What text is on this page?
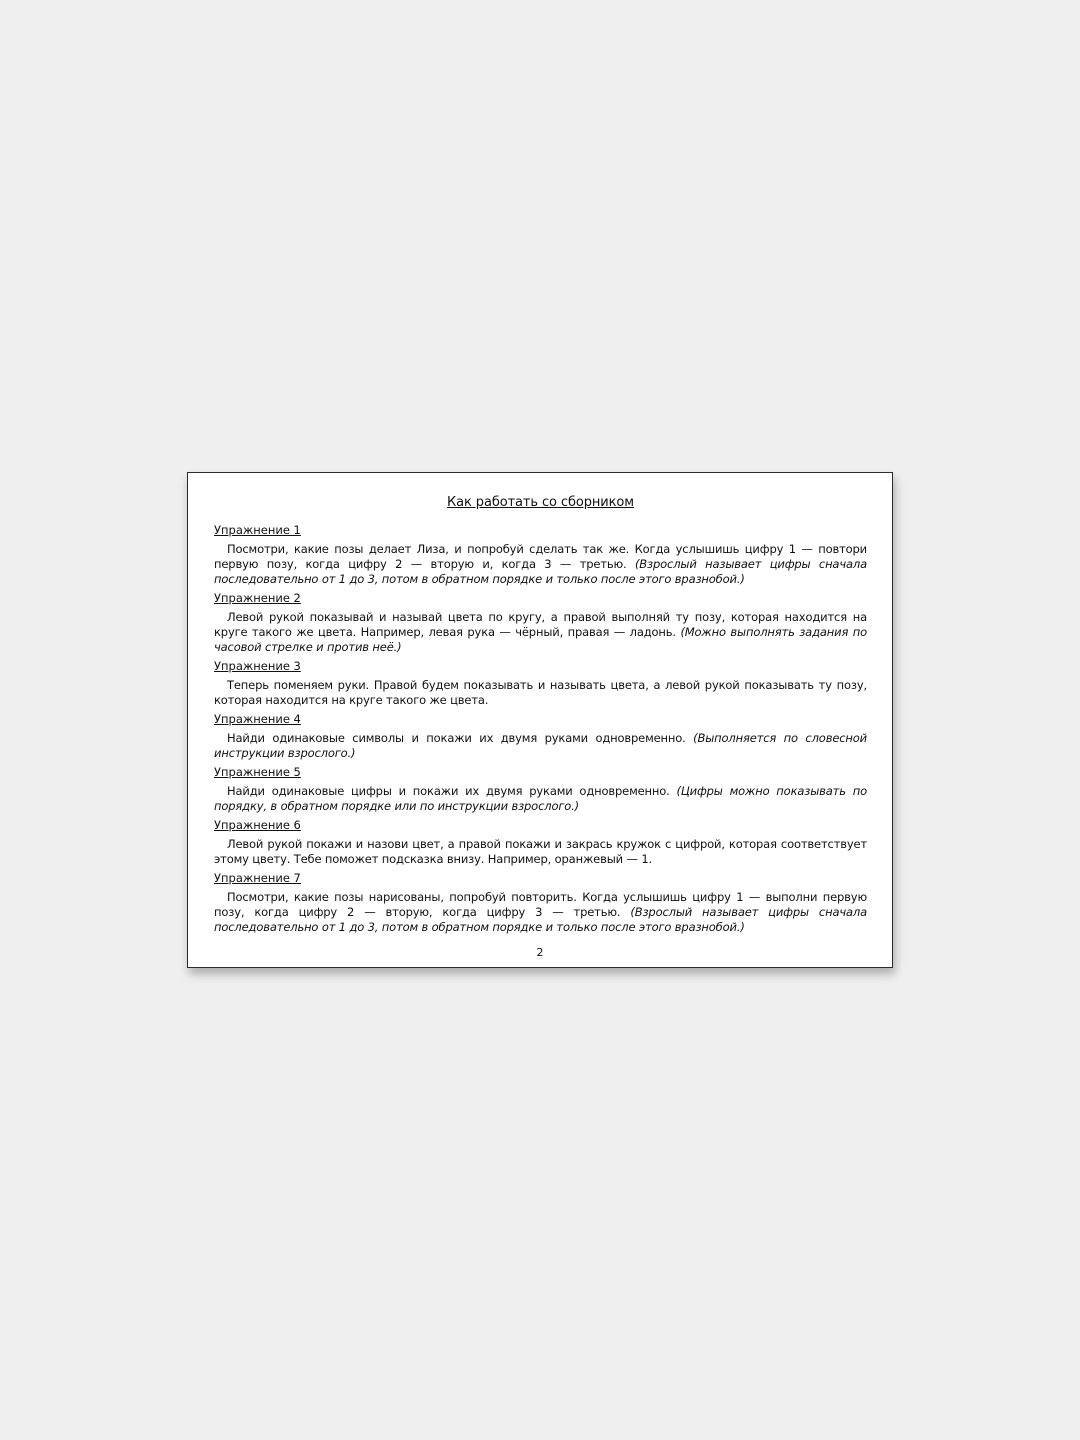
Как работать со сборником
Упражнение 1

Посмотри, какие позы делает Лиза, и попробуй сделать так же. Когда услышишь цифру 1 — повтори первую позу, когда цифру 2 — вторую и, когда 3 — третью. (Взрослый называет цифры сначала последовательно от 1 до 3, потом в обратном порядке и только после этого вразнобой.)

Упражнение 2

Левой рукой показывай и называй цвета по кругу, а правой выполняй ту позу, которая находится на круге такого же цвета. Например, левая рука — чёрный, правая — ладонь. (Можно выполнять задания по часовой стрелке и против неё.)

Упражнение 3

Теперь поменяем руки. Правой будем показывать и называть цвета, а левой рукой показывать ту позу, которая находится на круге такого же цвета.

Упражнение 4

Найди одинаковые символы и покажи их двумя руками одновременно. (Выполняется по словесной инструкции взрослого.)

Упражнение 5

Найди одинаковые цифры и покажи их двумя руками одновременно. (Цифры можно показывать по порядку, в обратном порядке или по инструкции взрослого.)

Упражнение 6

Левой рукой покажи и назови цвет, а правой покажи и закрась кружок с цифрой, которая соответствует этому цвету. Тебе поможет подсказка внизу. Например, оранжевый — 1.

Упражнение 7

Посмотри, какие позы нарисованы, попробуй повторить. Когда услышишь цифру 1 — выполни первую позу, когда цифру 2 — вторую, когда цифру 3 — третью. (Взрослый называет цифры сначала последовательно от 1 до 3, потом в обратном порядке и только после этого вразнобой.)

2
